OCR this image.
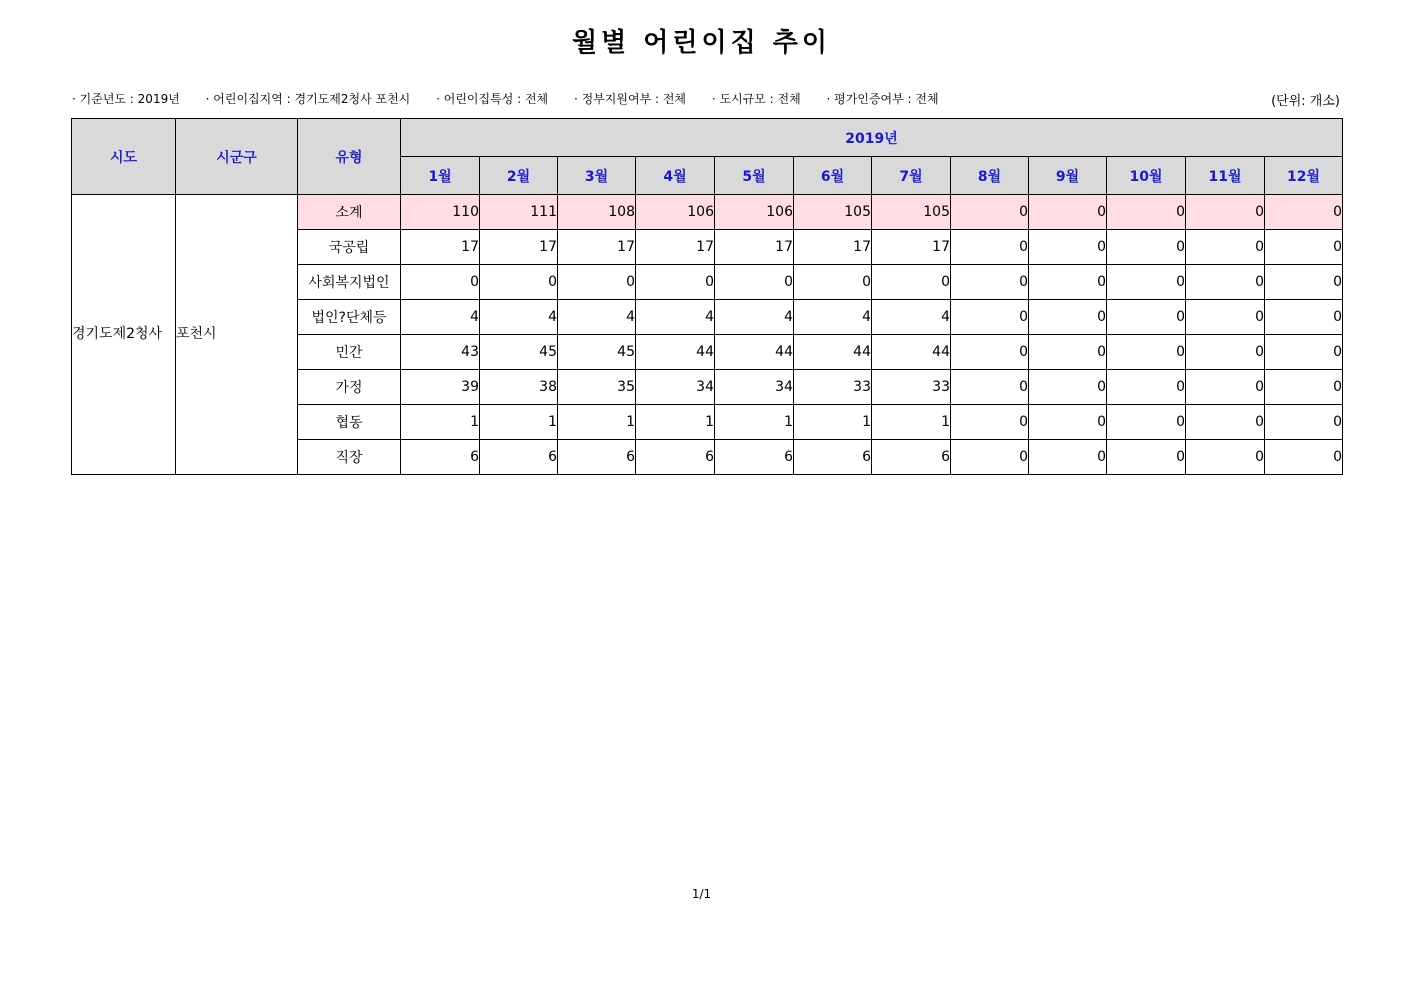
월별 어린이집 추이
· 기준년도 : 2019년 · 어린이집지역 : 경기도제2청사 포천시 · 어린이집특성 : 전체 · 정부지원여부 : 전체 · 도시규모 : 전체 · 평가인증여부 : 전체	(단위: 개소)
시도	시군구	유형	2019년											
			1월	2월	3월	4월	5월	6월	7월	8월	9월	10월	11월	12월
경기도제2청사	포천시	소계	110	111	108	106	106	105	105	0	0	0	0	0
		국공립	17	17	17	17	17	17	17	0	0	0	0	0
		사회복지법인	0	0	0	0	0	0	0	0	0	0	0	0
		법인?단체등	4	4	4	4	4	4	4	0	0	0	0	0
		민간	43	45	45	44	44	44	44	0	0	0	0	0
		가정	39	38	35	34	34	33	33	0	0	0	0	0
		협동	1	1	1	1	1	1	1	0	0	0	0	0
		직장	6	6	6	6	6	6	6	0	0	0	0	0
1/1
